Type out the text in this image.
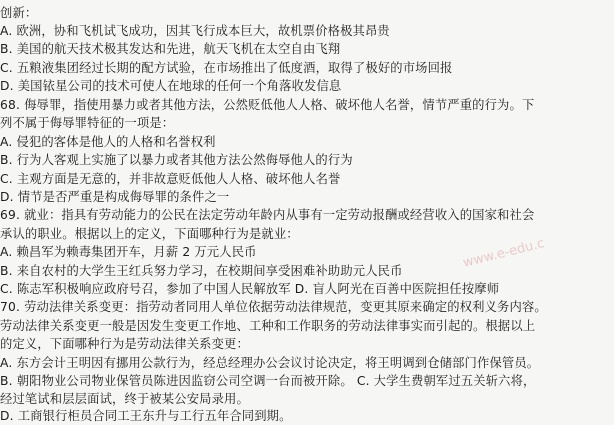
创新：
A. 欧洲，协和飞机试飞成功，因其飞行成本巨大，故机票价格极其昂贵
B. 美国的航天技术极其发达和先进，航天飞机在太空自由飞翔
C. 五粮液集团经过长期的配方试验，在市场推出了低度酒，取得了极好的市场回报
D. 美国铱星公司的技术可使人在地球的任何一个角落收发信息
68. 侮辱罪，指使用暴力或者其他方法，公然贬低他人人格、破坏他人名誉，情节严重的行为。下
列不属于侮辱罪特征的一项是：
A. 侵犯的客体是他人的人格和名誉权利
B. 行为人客观上实施了以暴力或者其他方法公然侮辱他人的行为
C. 主观方面是无意的，并非故意贬低他人人格、破坏他人名誉
D. 情节是否严重是构成侮辱罪的条件之一
69. 就业：指具有劳动能力的公民在法定劳动年龄内从事有一定劳动报酬或经营收入的国家和社会
承认的职业。根据以上的定义，下面哪种行为是就业：
A. 赖昌军为赖毒集团开车，月薪 2 万元人民币
B. 来自农村的大学生王红兵努力学习，在校期间享受困难补助助元人民币
C. 陈志军积极响应政府号召，参加了中国人民解放军 D. 盲人阿光在百善中医院担任按摩师
70. 劳动法律关系变更：指劳动者同用人单位依据劳动法律规范，变更其原来确定的权利义务内容。
劳动法律关系变更一般是因发生变更工作地、工种和工作职务的劳动法律事实而引起的。根据以上
的定义，下面哪种行为是劳动法律关系变更：
A. 东方会计王明因有挪用公款行为，经总经理办公会议讨论决定，将王明调到仓储部门作保管员。
B. 朝阳物业公司物业保管员陈进因监窃公司空调一台而被开除。 C. 大学生费朝军过五关斩六将，
经过笔试和层层面试，终于被某公安局录用。
D. 工商银行柜员合同工王东升与工行五年合同到期。
www.e-edu.c
